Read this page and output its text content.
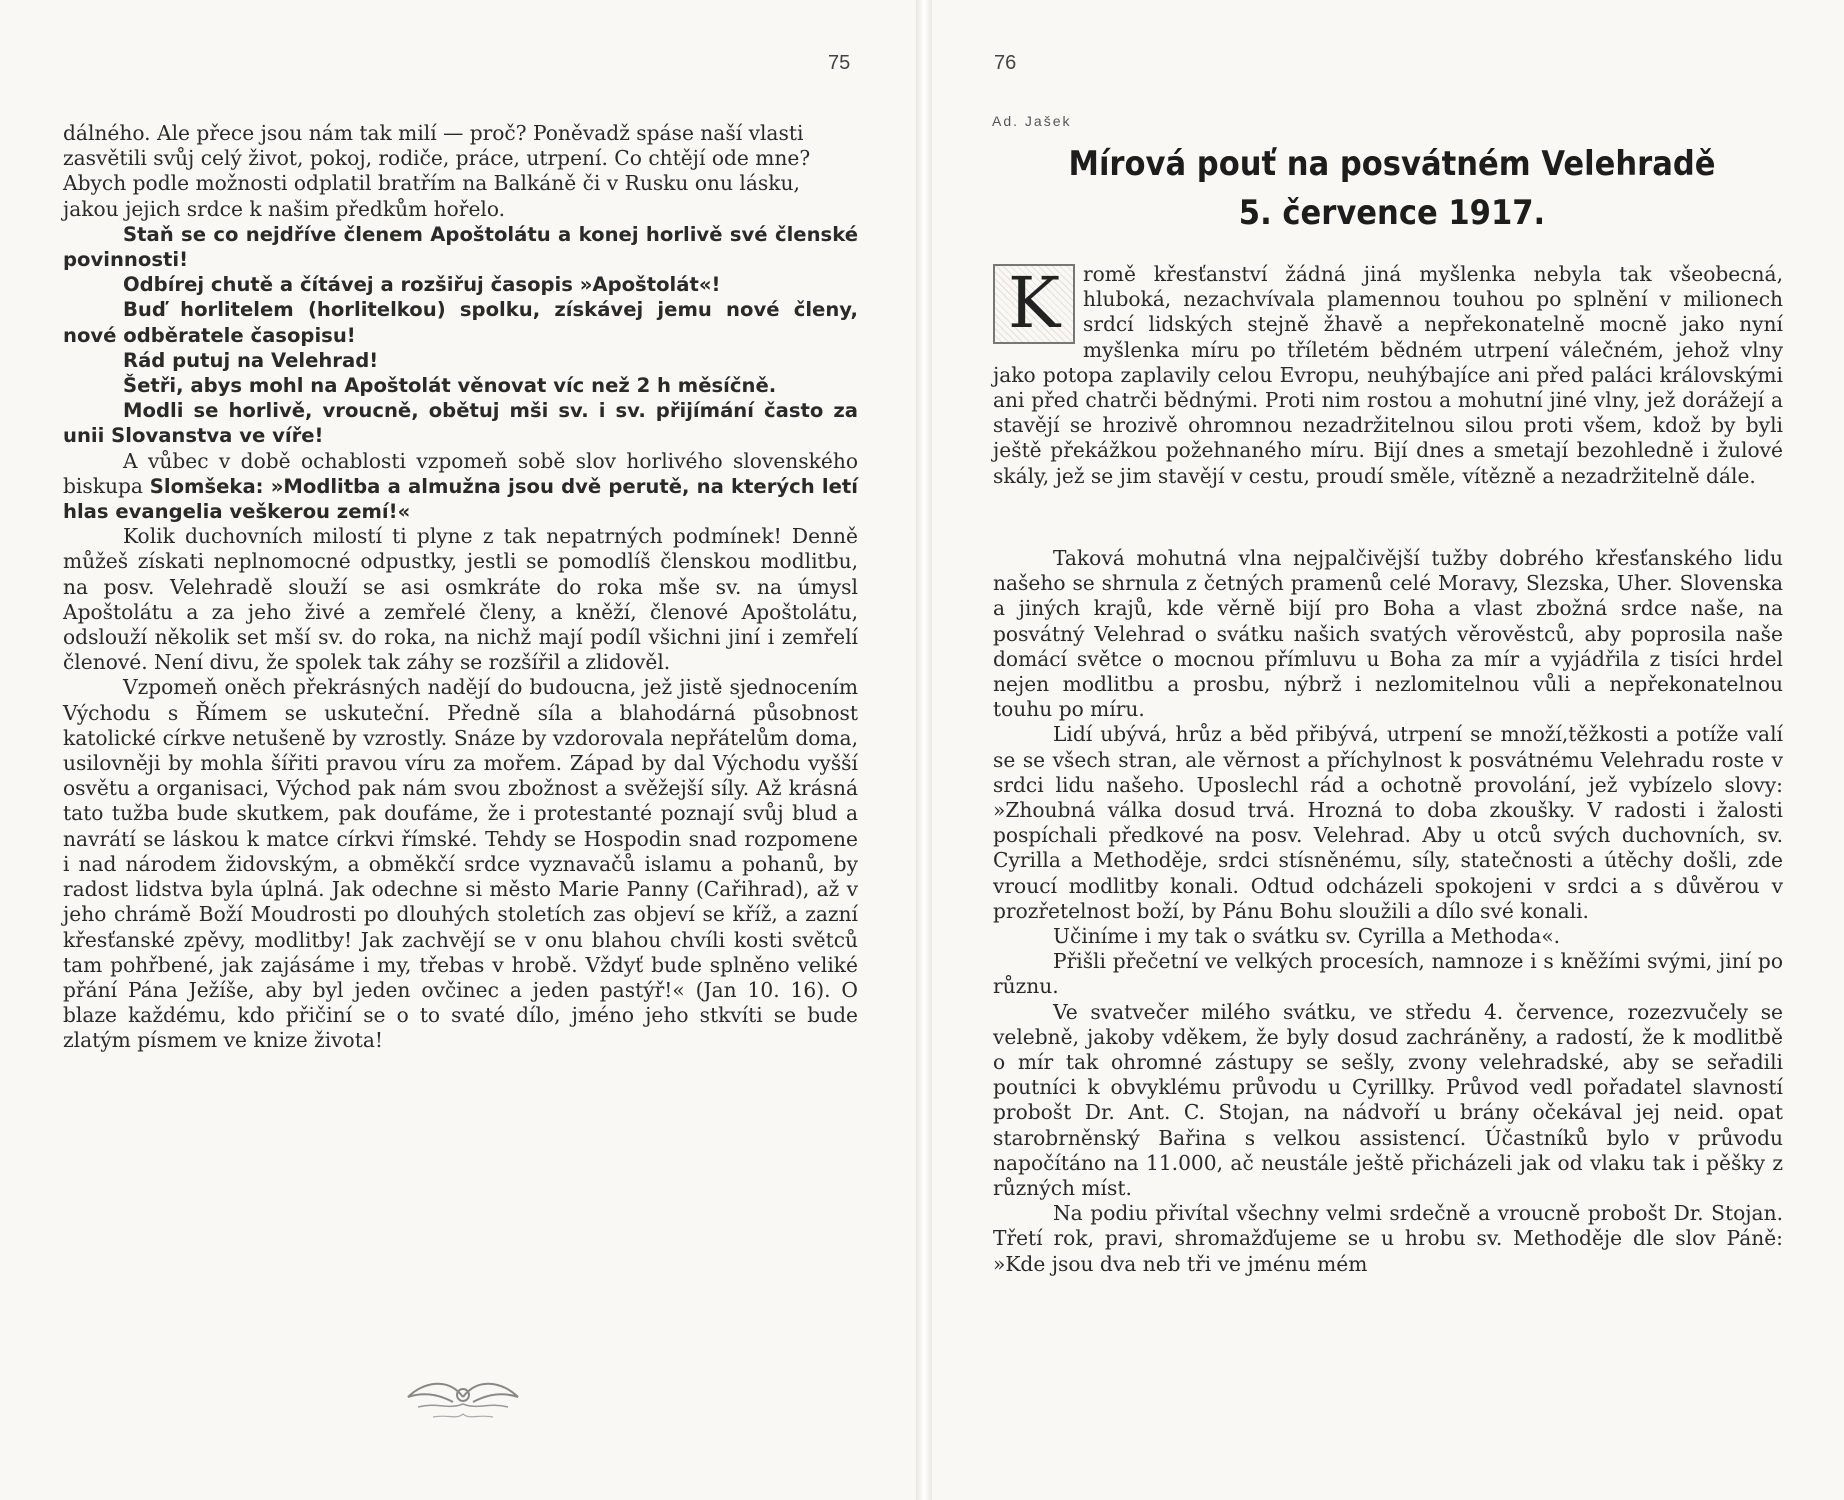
75

dálného. Ale přece jsou nám tak milí — proč? Poněvadž spáse naší vlasti zasvětili svůj celý život, pokoj, rodiče, práce, utrpení. Co chtějí ode mne? Abych podle možnosti odplatil bratřím na Balkáně či v Rusku onu lásku, jakou jejich srdce k našim předkům hořelo.

Staň se co nejdříve členem Apoštolátu a konej horlivě své členské povinnosti!

Odbírej chutě a čítávej a rozšiřuj časopis »Apoštolát«!

Buď horlitelem (horlitelkou) spolku, získávej jemu nové členy, nové odběratele časopisu!

Rád putuj na Velehrad!

Šetři, abys mohl na Apoštolát věnovat víc než 2 h měsíčně.

Modli se horlivě, vroucně, obětuj mši sv. i sv. přijímání často za unii Slovanstva ve víře!

A vůbec v době ochablosti vzpomeň sobě slov horlivého slovenského biskupa Slomšeka: »Modlitba a almužna jsou dvě perutě, na kterých letí hlas evangelia veškerou zemí!«

Kolik duchovních milostí ti plyne z tak nepatrných podmínek! Denně můžeš získati neplnomocné odpustky, jestli se pomodlíš členskou modlitbu, na posv. Velehradě slouží se asi osmkráte do roka mše sv. na úmysl Apoštolátu a za jeho živé a zemřelé členy, a kněží, členové Apoštolátu, odslouží několik set mší sv. do roka, na nichž mají podíl všichni jiní i zemřelí členové. Není divu, že spolek tak záhy se rozšířil a zlidověl.

Vzpomeň oněch překrásných nadějí do budoucna, jež jistě sjednocením Východu s Římem se uskuteční. Předně síla a blahodárná působnost katolické církve netušeně by vzrostly. Snáze by vzdorovala nepřátelům doma, usilovněji by mohla šířiti pravou víru za mořem. Západ by dal Východu vyšší osvětu a organisaci, Východ pak nám svou zbožnost a svěžejší síly. Až krásná tato tužba bude skutkem, pak doufáme, že i protestanté poznají svůj blud a navrátí se láskou k matce církvi římské. Tehdy se Hospodin snad rozpomene i nad národem židovským, a obměkčí srdce vyznavačů islamu a pohanů, by radost lidstva byla úplná. Jak odechne si město Marie Panny (Cařihrad), až v jeho chrámě Boží Moudrosti po dlouhých stoletích zas objeví se kříž, a zazní křesťanské zpěvy, modlitby! Jak zachvějí se v onu blahou chvíli kosti světců tam pohřbené, jak zajásáme i my, třebas v hrobě. Vždyť bude splněno veliké přání Pána Ježíše, aby byl jeden ovčinec a jeden pastýř!« (Jan 10. 16). O blaze každému, kdo přičiní se o to svaté dílo, jméno jeho stkvíti se bude zlatým písmem ve knize života!

76
Ad. Jašek
Mírová pouť na posvátném Velehradě
5. července 1917.
K	romě křesťanství žádná jiná myšlenka nebyla tak všeobecná, hluboká, nezachvívala plamennou touhou po splnění v milionech srdcí lidských stejně žhavě a nepřekonatelně mocně jako nyní myšlenka míru po tříletém bědném utrpení válečném, jehož vlny jako potopa zaplavily celou Evropu, neuhýbajíce ani před paláci královskými ani před chatrči bědnými. Proti nim rostou a mohutní jiné vlny, jež dorážejí a stavějí se hrozivě ohromnou nezadržitelnou silou proti všem, kdož by byli ještě překážkou požehnaného míru. Bijí dnes a smetají bezohledně i žulové skály, jež se jim stavějí v cestu, proudí směle, vítězně a nezadržitelně dále.

Taková mohutná vlna nejpalčivější tužby dobrého křesťanského lidu našeho se shrnula z četných pramenů celé Moravy, Slezska, Uher. Slovenska a jiných krajů, kde věrně bijí pro Boha a vlast zbožná srdce naše, na posvátný Velehrad o svátku našich svatých věrověstců, aby poprosila naše domácí světce o mocnou přímluvu u Boha za mír a vyjádřila z tisíci hrdel nejen modlitbu a prosbu, nýbrž i nezlomitelnou vůli a nepřekonatelnou touhu po míru.

Lidí ubývá, hrůz a běd přibývá, utrpení se množí,těžkosti a potíže valí se se všech stran, ale věrnost a příchylnost k posvátnému Velehradu roste v srdci lidu našeho. Uposlechl rád a ochotně provolání, jež vybízelo slovy: »Zhoubná válka dosud trvá. Hrozná to doba zkoušky. V radosti i žalosti pospíchali předkové na posv. Velehrad. Aby u otců svých duchovních, sv. Cyrilla a Methoděje, srdci stísněnému, síly, statečnosti a útěchy došli, zde vroucí modlitby konali. Odtud odcházeli spokojeni v srdci a s důvěrou v prozřetelnost boží, by Pánu Bohu sloužili a dílo své konali.

Učiníme i my tak o svátku sv. Cyrilla a Methoda«.

Přišli přečetní ve velkých procesích, namnoze i s kněžími svými, jiní po různu.

Ve svatvečer milého svátku, ve středu 4. července, rozezvučely se velebně, jakoby vděkem, že byly dosud zachráněny, a radostí, že k modlitbě o mír tak ohromné zástupy se sešly, zvony velehradské, aby se seřadili poutníci k obvyklému průvodu u Cyrillky. Průvod vedl pořadatel slavností probošt Dr. Ant. C. Stojan, na nádvoří u brány očekával jej neid. opat starobrněnský Bařina s velkou assistencí. Účastníků bylo v průvodu napočítáno na 11.000, ač neustále ještě přicházeli jak od vlaku tak i pěšky z různých míst.

Na podiu přivítal všechny velmi srdečně a vroucně probošt Dr. Stojan. Třetí rok, pravi, shromažďujeme se u hrobu sv. Methoděje dle slov Páně: »Kde jsou dva neb tři ve jménu mém
